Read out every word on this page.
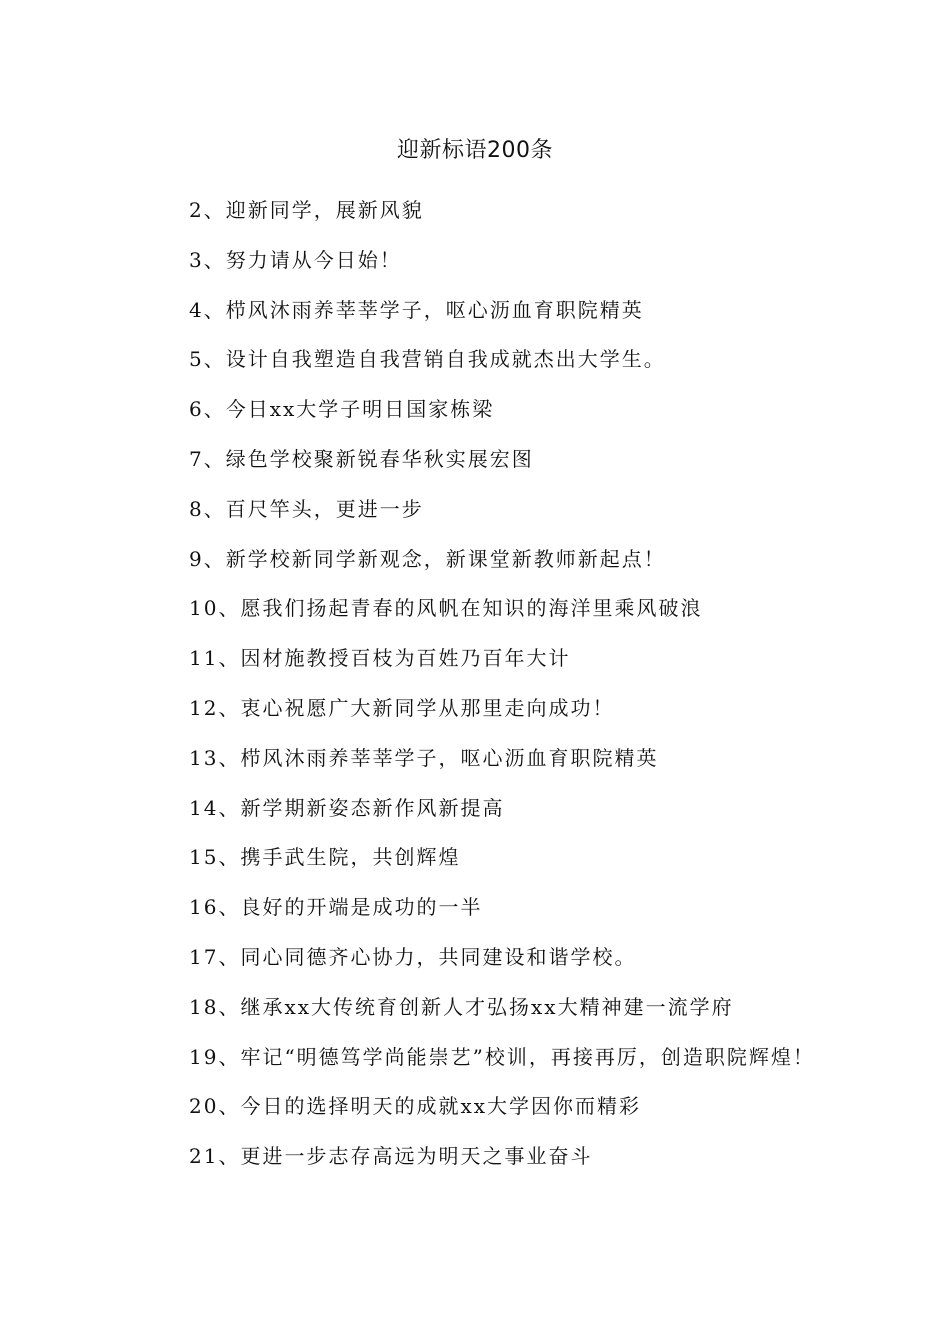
迎新标语200条
2、迎新同学，展新风貌
3、努力请从今日始！
4、栉风沐雨养莘莘学子，呕心沥血育职院精英
5、设计自我塑造自我营销自我成就杰出大学生。
6、今日xx大学子明日国家栋梁
7、绿色学校聚新锐春华秋实展宏图
8、百尺竿头，更进一步
9、新学校新同学新观念，新课堂新教师新起点！
10、愿我们扬起青春的风帆在知识的海洋里乘风破浪
11、因材施教授百枝为百姓乃百年大计
12、衷心祝愿广大新同学从那里走向成功！
13、栉风沐雨养莘莘学子，呕心沥血育职院精英
14、新学期新姿态新作风新提高
15、携手武生院，共创辉煌
16、良好的开端是成功的一半
17、同心同德齐心协力，共同建设和谐学校。
18、继承xx大传统育创新人才弘扬xx大精神建一流学府
19、牢记“明德笃学尚能崇艺”校训，再接再厉，创造职院辉煌！
20、今日的选择明天的成就xx大学因你而精彩
21、更进一步志存高远为明天之事业奋斗
